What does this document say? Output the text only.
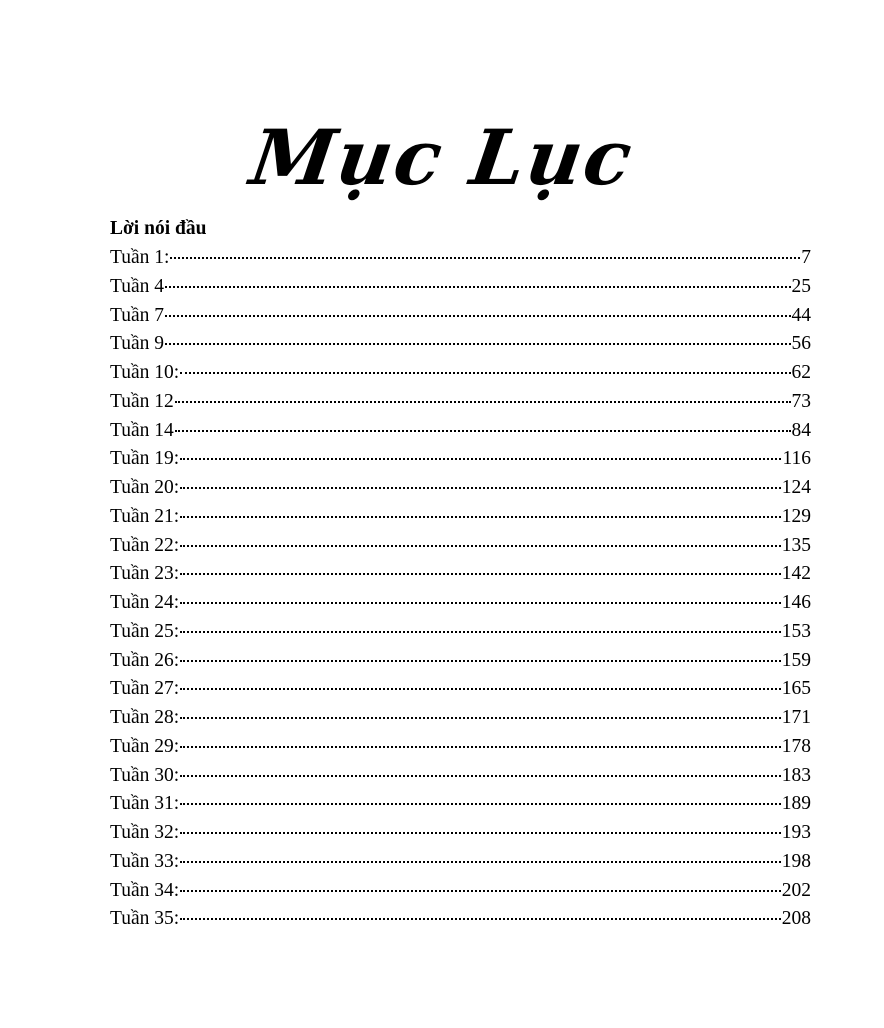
Mục Lục
Lời nói đầu
Tuần 1:	7
Tuần 4	25
Tuần 7	44
Tuần 9	56
Tuần 10:	62
Tuần 12	73
Tuần 14	84
Tuần 19:	116
Tuần 20:	124
Tuần 21:	129
Tuần 22:	135
Tuần 23:	142
Tuần 24:	146
Tuần 25:	153
Tuần 26:	159
Tuần 27:	165
Tuần 28:	171
Tuần 29:	178
Tuần 30:	183
Tuần 31:	189
Tuần 32:	193
Tuần 33:	198
Tuần 34:	202
Tuần 35:	208
